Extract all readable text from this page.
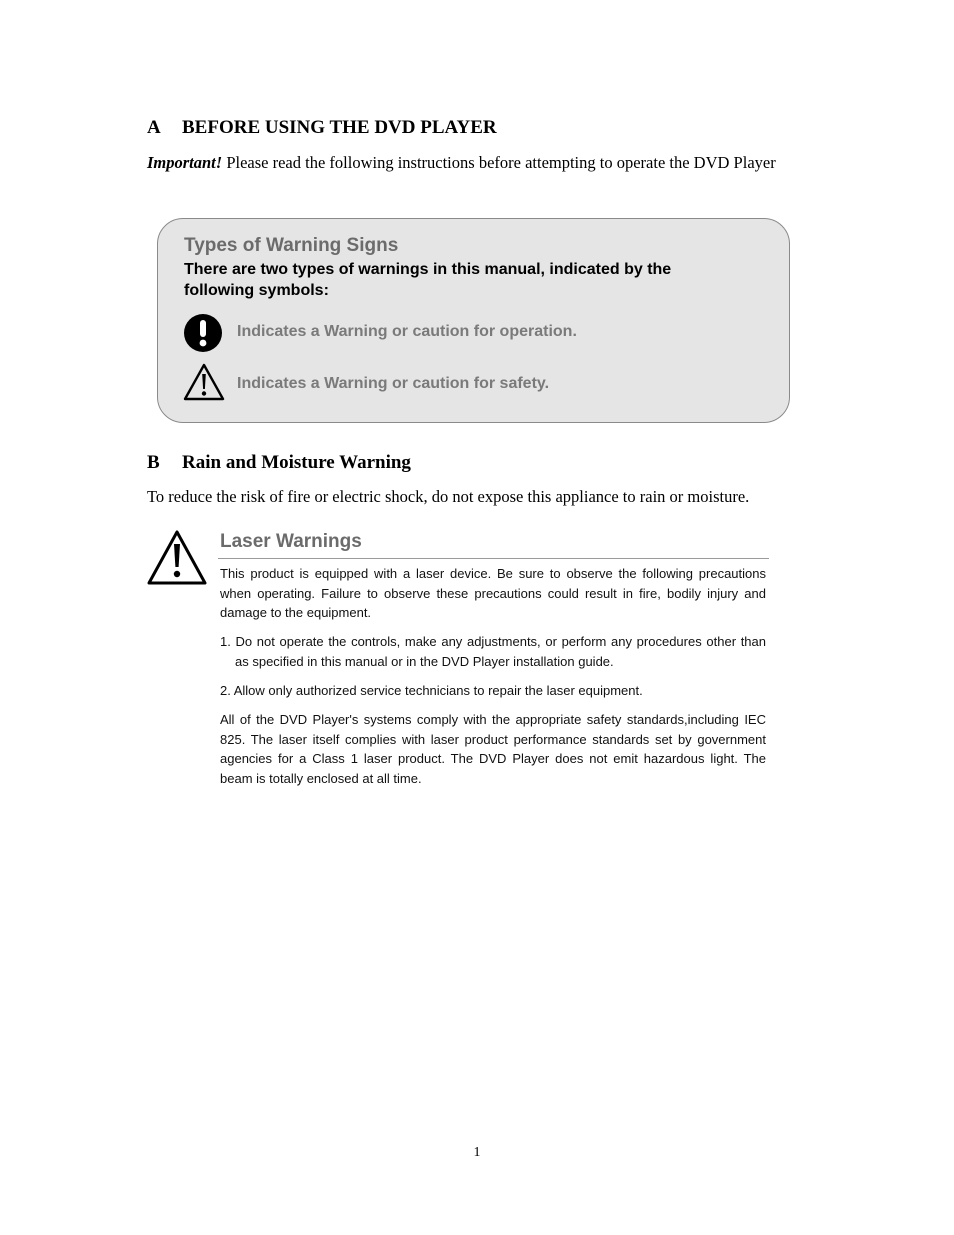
A BEFORE USING THE DVD PLAYER

Important! Please read the following instructions before attempting to operate the DVD Player

Types of Warning Signs

There are two types of warnings in this manual, indicated by the following symbols:

Indicates a Warning or caution for operation.

Indicates a Warning or caution for safety.

B Rain and Moisture Warning

To reduce the risk of fire or electric shock, do not expose this appliance to rain or moisture.

Laser Warnings

This product is equipped with a laser device. Be sure to observe the following precautions when operating. Failure to observe these precautions could result in fire, bodily injury and damage to the equipment.

1. Do not operate the controls, make any adjustments, or perform any procedures other than as specified in this manual or in the DVD Player installation guide.

2. Allow only authorized service technicians to repair the laser equipment.

All of the DVD Player's systems comply with the appropriate safety standards,including IEC 825. The laser itself complies with laser product performance standards set by government agencies for a Class 1 laser product. The DVD Player does not emit hazardous light. The beam is totally enclosed at all time.

1
